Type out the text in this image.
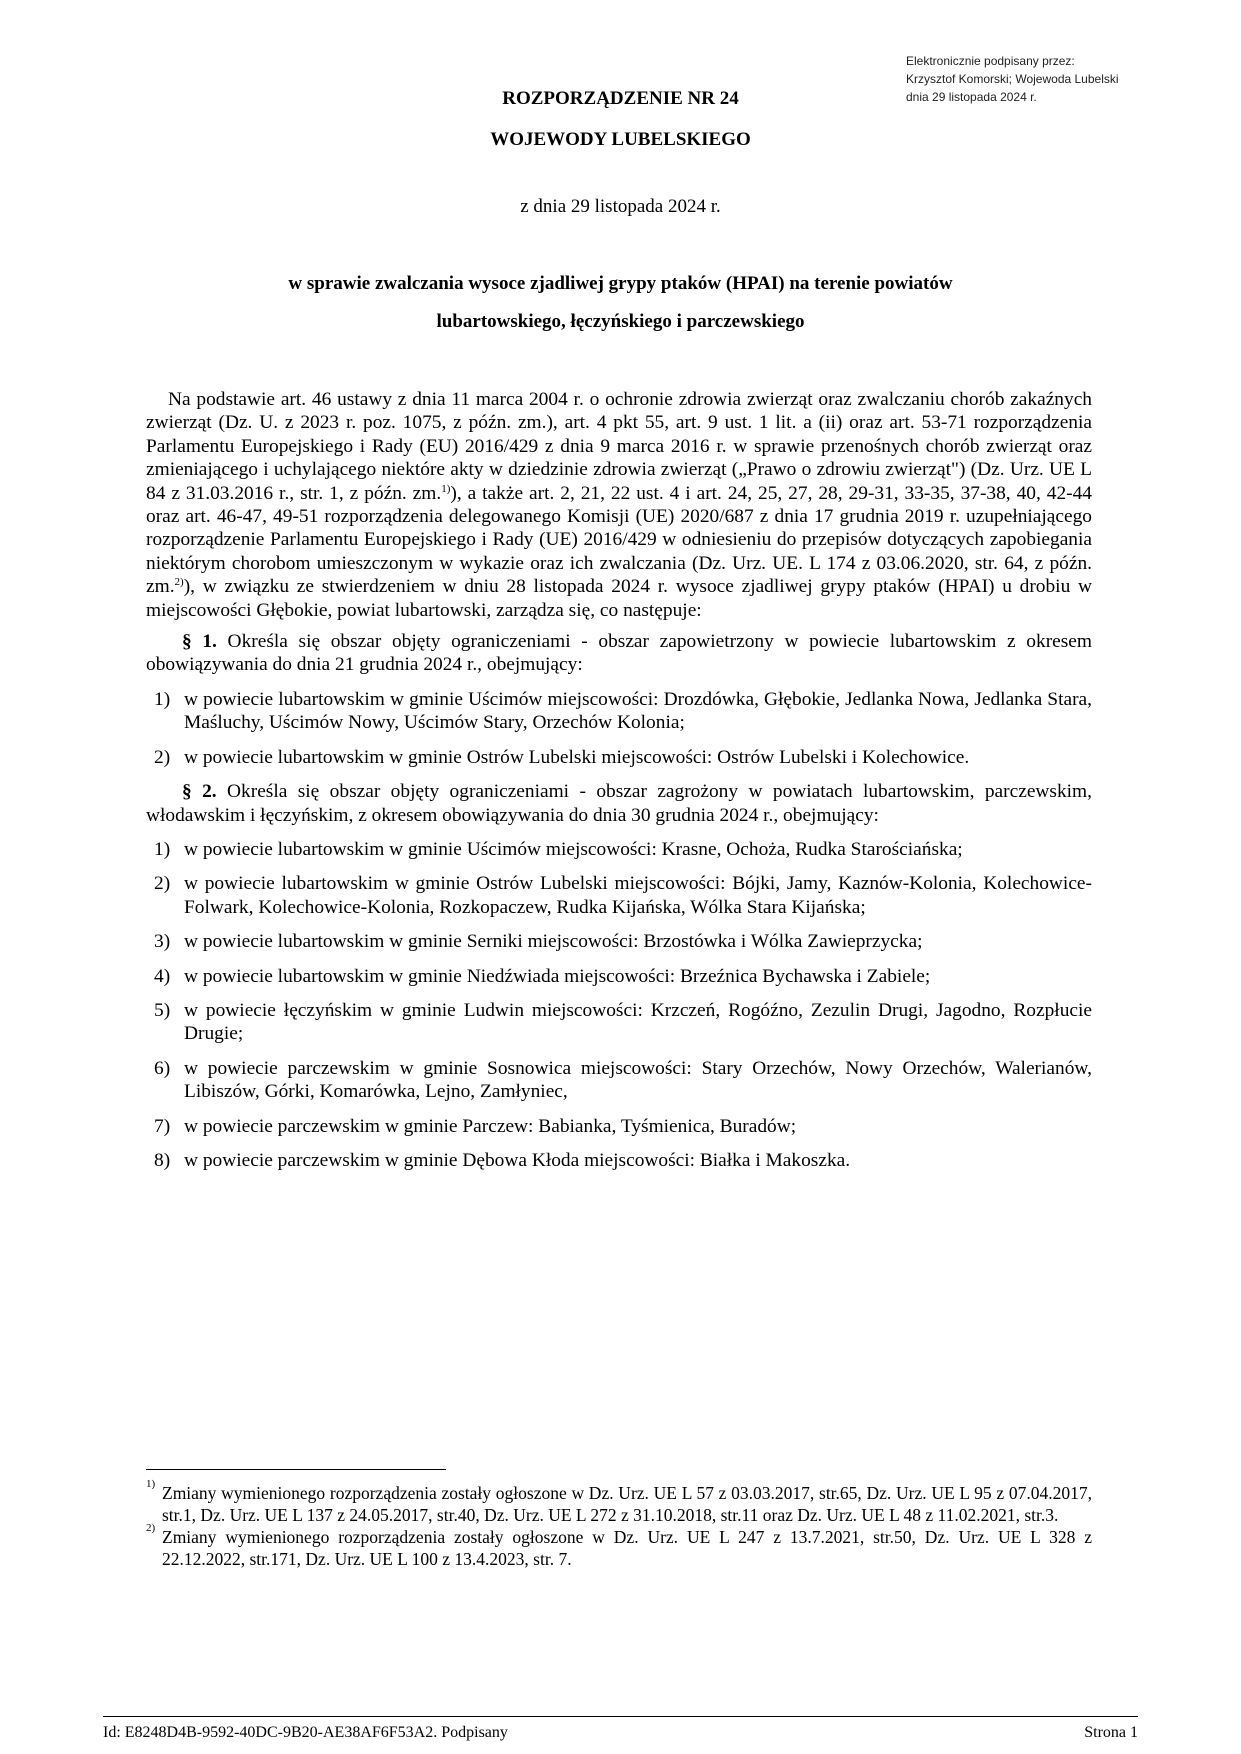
Elektronicznie podpisany przez:
Krzysztof Komorski; Wojewoda Lubelski
dnia 29 listopada 2024 r.
ROZPORZĄDZENIE NR 24
WOJEWODY LUBELSKIEGO
z dnia 29 listopada 2024 r.
w sprawie zwalczania wysoce zjadliwej grypy ptaków (HPAI) na terenie powiatów
lubartowskiego, łęczyńskiego i parczewskiego

Na podstawie art. 46 ustawy z dnia 11 marca 2004 r. o ochronie zdrowia zwierząt oraz zwalczaniu chorób zakaźnych zwierząt (Dz. U. z 2023 r. poz. 1075, z późn. zm.), art. 4 pkt 55, art. 9 ust. 1 lit. a (ii) oraz art. 53-71 rozporządzenia Parlamentu Europejskiego i Rady (EU) 2016/429 z dnia 9 marca 2016 r. w sprawie przenośnych chorób zwierząt oraz zmieniającego i uchylającego niektóre akty w dziedzinie zdrowia zwierząt („Prawo o zdrowiu zwierząt") (Dz. Urz. UE L 84 z 31.03.2016 r., str. 1, z późn. zm.$^{1)}$), a także art. 2, 21, 22 ust. 4 i art. 24, 25, 27, 28, 29-31, 33-35, 37-38, 40, 42-44 oraz art. 46-47, 49-51 rozporządzenia delegowanego Komisji (UE) 2020/687 z dnia 17 grudnia 2019 r. uzupełniającego rozporządzenie Parlamentu Europejskiego i Rady (UE) 2016/429 w odniesieniu do przepisów dotyczących zapobiegania niektórym chorobom umieszczonym w wykazie oraz ich zwalczania (Dz. Urz. UE. L 174 z 03.06.2020, str. 64, z późn. zm.$^{2)}$), w związku ze stwierdzeniem w dniu 28 listopada 2024 r. wysoce zjadliwej grypy ptaków (HPAI) u drobiu w miejscowości Głębokie, powiat lubartowski, zarządza się, co następuje:

§ 1. Określa się obszar objęty ograniczeniami - obszar zapowietrzony w powiecie lubartowskim z okresem obowiązywania do dnia 21 grudnia 2024 r., obejmujący:

1) w powiecie lubartowskim w gminie Uścimów miejscowości: Drozdówka, Głębokie, Jedlanka Nowa, Jedlanka Stara, Maśluchy, Uścimów Nowy, Uścimów Stary, Orzechów Kolonia;
2) w powiecie lubartowskim w gminie Ostrów Lubelski miejscowości: Ostrów Lubelski i Kolechowice.

§ 2. Określa się obszar objęty ograniczeniami - obszar zagrożony w powiatach lubartowskim, parczewskim, włodawskim i łęczyńskim, z okresem obowiązywania do dnia 30 grudnia 2024 r., obejmujący:

1) w powiecie lubartowskim w gminie Uścimów miejscowości: Krasne, Ochoża, Rudka Starościańska;
2) w powiecie lubartowskim w gminie Ostrów Lubelski miejscowości: Bójki, Jamy, Kaznów-Kolonia, Kolechowice-Folwark, Kolechowice-Kolonia, Rozkopaczew, Rudka Kijańska, Wólka Stara Kijańska;
3) w powiecie lubartowskim w gminie Serniki miejscowości: Brzostówka i Wólka Zawieprzycka;
4) w powiecie lubartowskim w gminie Niedźwiada miejscowości: Brzeźnica Bychawska i Zabiele;
5) w powiecie łęczyńskim w gminie Ludwin miejscowości: Krzczeń, Rogóźno, Zezulin Drugi, Jagodno, Rozpłucie Drugie;
6) w powiecie parczewskim w gminie Sosnowica miejscowości: Stary Orzechów, Nowy Orzechów, Walerianów, Libiszów, Górki, Komarówka, Lejno, Zamłyniec,
7) w powiecie parczewskim w gminie Parczew: Babianka, Tyśmienica, Buradów;
8) w powiecie parczewskim w gminie Dębowa Kłoda miejscowości: Białka i Makoszka.
1) Zmiany wymienionego rozporządzenia zostały ogłoszone w Dz. Urz. UE L 57 z 03.03.2017, str.65, Dz. Urz. UE L 95 z 07.04.2017, str.1, Dz. Urz. UE L 137 z 24.05.2017, str.40, Dz. Urz. UE L 272 z 31.10.2018, str.11 oraz Dz. Urz. UE L 48 z 11.02.2021, str.3.
2) Zmiany wymienionego rozporządzenia zostały ogłoszone w Dz. Urz. UE L 247 z 13.7.2021, str.50, Dz. Urz. UE L 328 z 22.12.2022, str.171, Dz. Urz. UE L 100 z 13.4.2023, str. 7.
Id: E8248D4B-9592-40DC-9B20-AE38AF6F53A2. Podpisany	Strona 1
